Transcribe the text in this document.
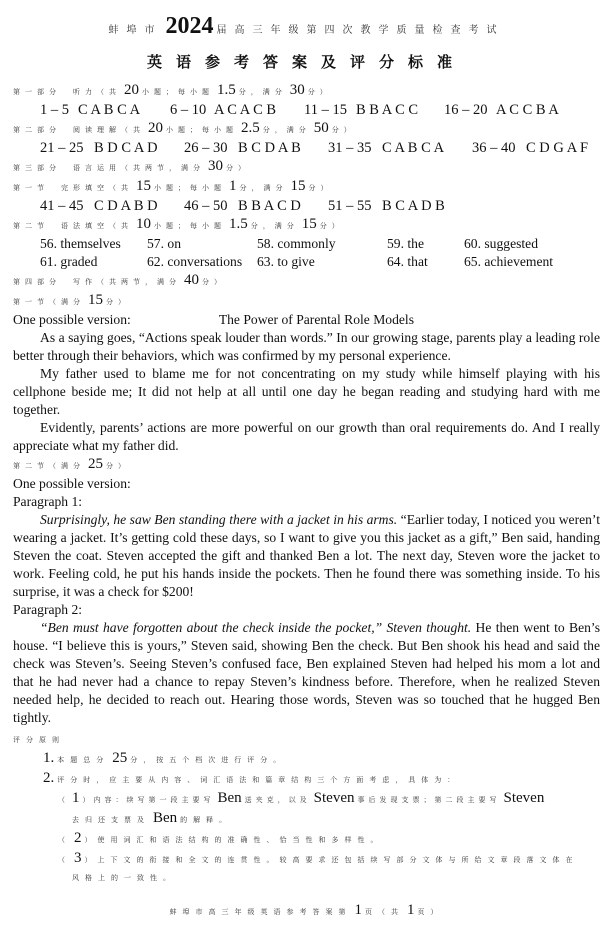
蚌埠市 2024 届高三年级第四次教学质量检查考试
英语参考答案及评分标准
第一部分　听力（共 20 小题；每小题 1.5 分，满分 30 分）
1 – 5 C A B C A 6 – 10 A C A C B 11 – 15 B B A C C 16 – 20 A C C B A
第二部分　阅读理解（共 20 小题；每小题 2.5 分，满分 50 分）
21 – 25 B D C A D 26 – 30 B C D A B 31 – 35 C A B C A 36 – 40 C D G A F
第三部分　语言运用（共两节，满分 30 分）
第一节　完形填空（共 15 小题；每小题 1 分，满分 15 分）
41 – 45 C D A B D 46 – 50 B B A C D 51 – 55 B C A D B
第二节　语法填空（共 10 小题；每小题 1.5 分，满分 15 分）
56. themselves 57. on	58. commonly	59. the	60. suggested
61. graded	62. conversations 63. to give	64. that	65. achievement
第四部分　写作（共两节，满分 40 分）
第一节（满分 15 分）

One possible version:	The Power of Parental Role Models

As a saying goes, “Actions speak louder than words.” In our growing stage, parents play a leading role better through their behaviors, which was confirmed by my personal experience.

My father used to blame me for not concentrating on my study while himself playing with his cellphone beside me; It did not help at all until one day he began reading and studying hard with me together.

Evidently, parents’ actions are more powerful on our growth than oral requirements do. And I really appreciate what my father did.

第二节（满分 25 分）

One possible version:

Paragraph 1:

Surprisingly, he saw Ben standing there with a jacket in his arms. “Earlier today, I noticed you weren’t wearing a jacket. It’s getting cold these days, so I want to give you this jacket as a gift,” Ben said, handing Steven the coat. Steven accepted the gift and thanked Ben a lot. The next day, Steven wore the jacket to work. Feeling cold, he put his hands inside the pockets. Then he found there was something inside. To his surprise, it was a check for $200!

Paragraph 2:

“Ben must have forgotten about the check inside the pocket,” Steven thought. He then went to Ben’s house. “I believe this is yours,” Steven said, showing Ben the check. But Ben shook his head and said the check was Steven’s. Seeing Steven’s confused face, Ben explained Steven had helped his mom a lot and that he had never had a chance to repay Steven’s kindness before. Therefore, when he realized Steven needed help, he decided to reach out. Hearing those words, Steven was so touched that he hugged Ben tightly.

评分原则
1. 本题总分 25 分，按五个档次进行评分。
2. 评分时，应主要从内容、词汇语法和篇章结构三个方面考虑，具体为：
（ 1 ）内容：续写第一段主要写 Ben 送夹克，以及 Steven 事后发现支票；第二段主要写 Steven
去归还支票及 Ben 的解释。
（ 2 ）使用词汇和语法结构的准确性、恰当性和多样性。
（ 3 ）上下文的衔接和全文的连贯性。较高要求还包括续写部分文体与所给文章段落文体在
风格上的一致性。
蚌埠市高三年级英语参考答案第 1 页（共 1 页）
